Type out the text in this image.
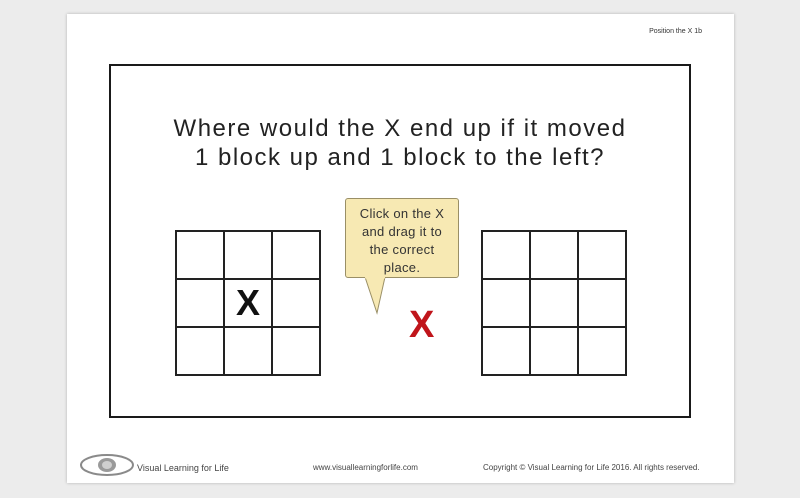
Position the X 1b
Where would the X end up if it moved
1 block up and 1 block to the left?
X
Click on the X
and drag it to
the correct
place.
X
Visual Learning for Life	www.visuallearningforlife.com	Copyright © Visual Learning for Life 2016. All rights reserved.
